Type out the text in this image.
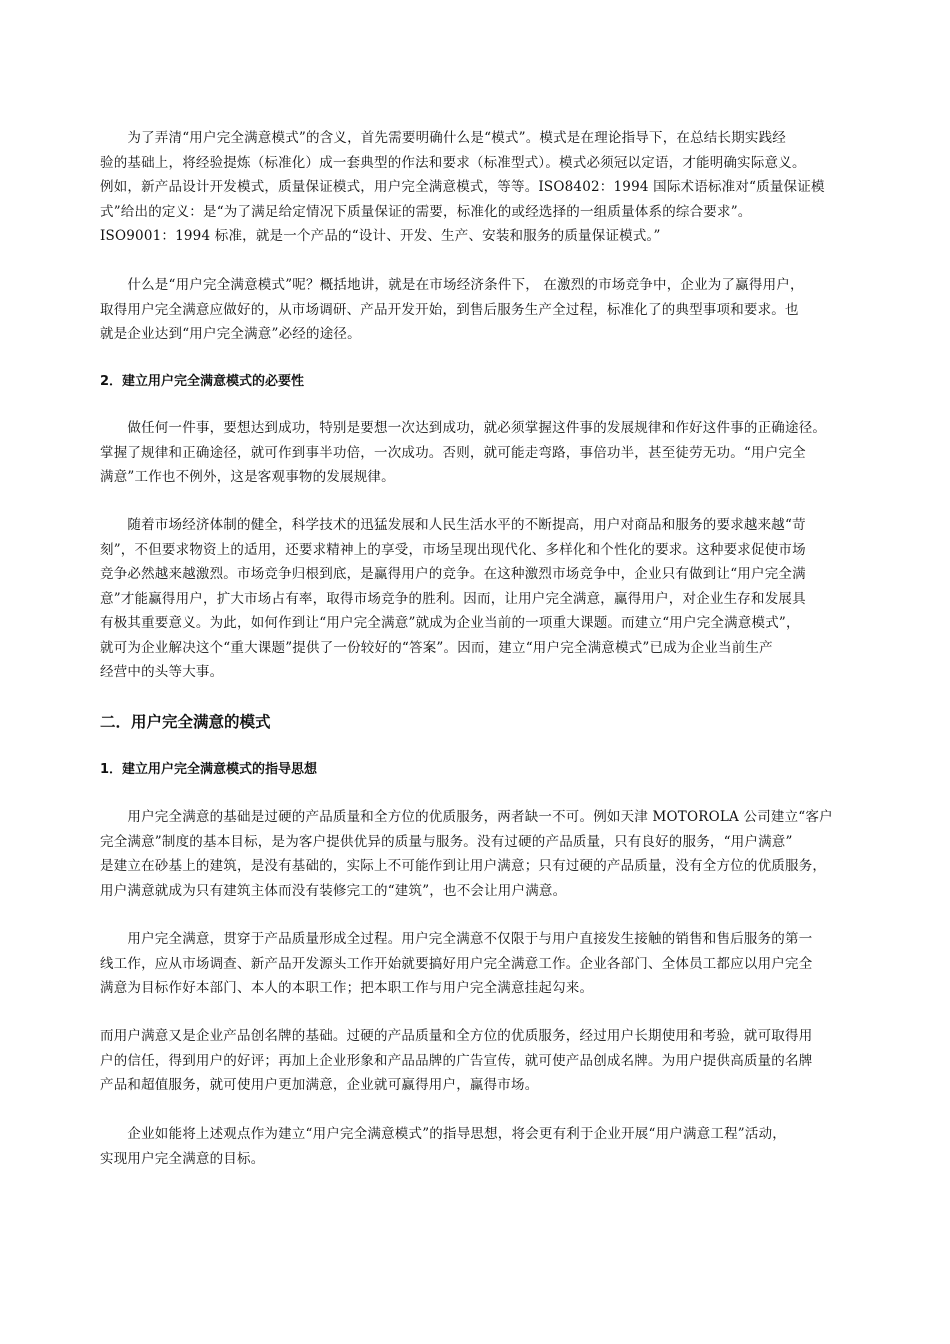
　　为了弄清“用户完全满意模式”的含义，首先需要明确什么是“模式”。模式是在理论指导下，在总结长期实践经
验的基础上，将经验提炼（标准化）成一套典型的作法和要求（标准型式）。模式必须冠以定语，才能明确实际意义。
例如，新产品设计开发模式，质量保证模式，用户完全满意模式，等等。ISO8402：1994 国际术语标准对“质量保证模
式”给出的定义：是“为了满足给定情况下质量保证的需要，标准化的或经选择的一组质量体系的综合要求”。
ISO9001：1994 标准，就是一个产品的“设计、开发、生产、安装和服务的质量保证模式。”

　　什么是“用户完全满意模式”呢？概括地讲，就是在市场经济条件下， 在激烈的市场竞争中，企业为了赢得用户，
取得用户完全满意应做好的，从市场调研、产品开发开始，到售后服务生产全过程，标准化了的典型事项和要求。也
就是企业达到“用户完全满意”必经的途径。

2．建立用户完全满意模式的必要性

　　做任何一件事，要想达到成功，特别是要想一次达到成功，就必须掌握这件事的发展规律和作好这件事的正确途径。
掌握了规律和正确途径，就可作到事半功倍，一次成功。否则，就可能走弯路，事倍功半，甚至徒劳无功。“用户完全
满意”工作也不例外，这是客观事物的发展规律。

　　随着市场经济体制的健全，科学技术的迅猛发展和人民生活水平的不断提高，用户对商品和服务的要求越来越“苛
刻”，不但要求物资上的适用，还要求精神上的享受，市场呈现出现代化、多样化和个性化的要求。这种要求促使市场
竞争必然越来越激烈。市场竞争归根到底，是赢得用户的竞争。在这种激烈市场竞争中，企业只有做到让“用户完全满
意”才能赢得用户，扩大市场占有率，取得市场竞争的胜利。因而，让用户完全满意，赢得用户，对企业生存和发展具
有极其重要意义。为此，如何作到让“用户完全满意”就成为企业当前的一项重大课题。而建立“用户完全满意模式”，
就可为企业解决这个“重大课题”提供了一份较好的“答案”。因而，建立“用户完全满意模式”已成为企业当前生产
经营中的头等大事。

二．用户完全满意的模式
1．建立用户完全满意模式的指导思想

　　用户完全满意的基础是过硬的产品质量和全方位的优质服务，两者缺一不可。例如天津 MOTOROLA 公司建立“客户
完全满意”制度的基本目标，是为客户提供优异的质量与服务。没有过硬的产品质量，只有良好的服务，“用户满意”
是建立在砂基上的建筑，是没有基础的，实际上不可能作到让用户满意；只有过硬的产品质量，没有全方位的优质服务，
用户满意就成为只有建筑主体而没有装修完工的“建筑”，也不会让用户满意。

　　用户完全满意，贯穿于产品质量形成全过程。用户完全满意不仅限于与用户直接发生接触的销售和售后服务的第一
线工作，应从市场调查、新产品开发源头工作开始就要搞好用户完全满意工作。企业各部门、全体员工都应以用户完全
满意为目标作好本部门、本人的本职工作；把本职工作与用户完全满意挂起勾来。

而用户满意又是企业产品创名牌的基础。过硬的产品质量和全方位的优质服务，经过用户长期使用和考验，就可取得用
户的信任，得到用户的好评；再加上企业形象和产品品牌的广告宣传，就可使产品创成名牌。为用户提供高质量的名牌
产品和超值服务，就可使用户更加满意，企业就可赢得用户，赢得市场。

　　企业如能将上述观点作为建立“用户完全满意模式”的指导思想，将会更有利于企业开展“用户满意工程”活动，
实现用户完全满意的目标。
